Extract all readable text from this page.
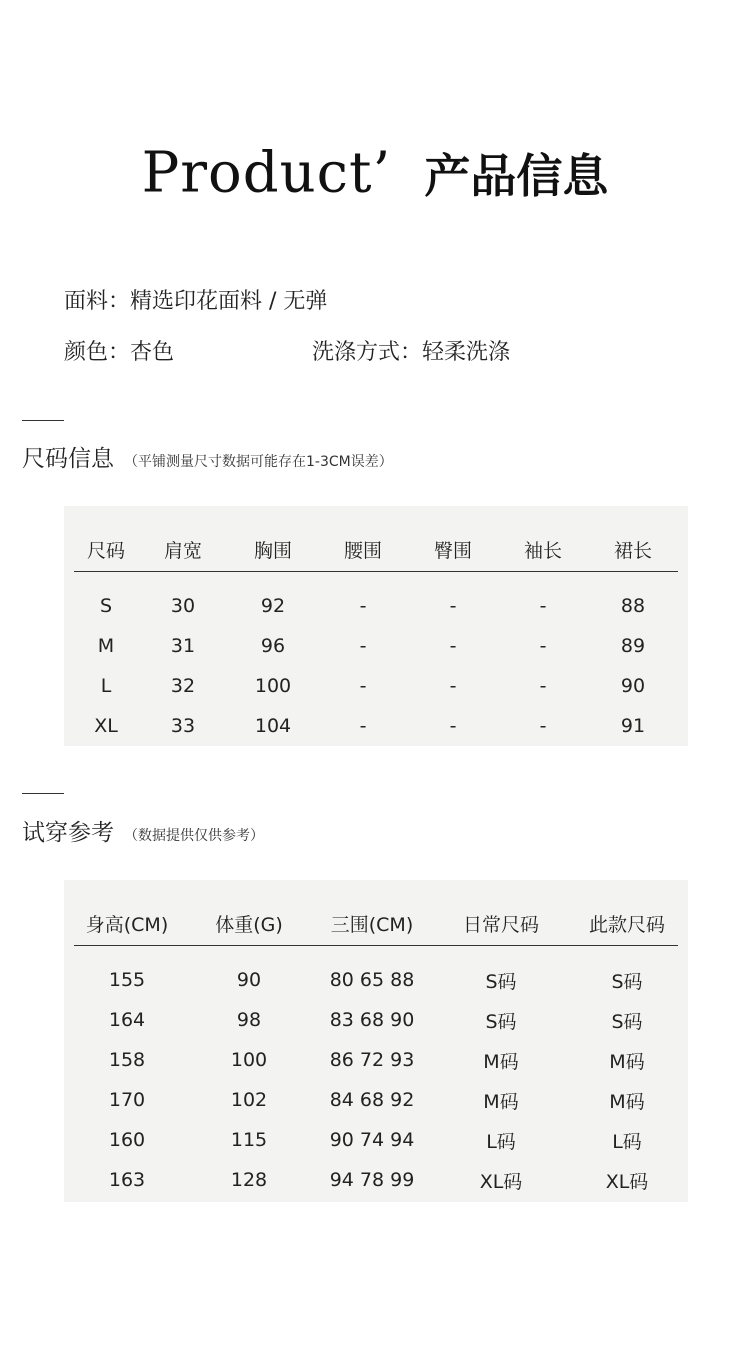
Product’ 产品信息
面料：精选印花面料 / 无弹
颜色：杏色	洗涤方式：轻柔洗涤
尺码信息 （平铺测量尺寸数据可能存在1-3CM误差）
尺码	肩宽	胸围	腰围	臀围	袖长	裙长
S	30	92	-	-	-	88
M	31	96	-	-	-	89
L	32	100	-	-	-	90
XL	33	104	-	-	-	91
试穿参考 （数据提供仅供参考）
身高(CM)	体重(G)	三围(CM)	日常尺码	此款尺码
155	90	80 65 88	S码	S码
164	98	83 68 90	S码	S码
158	100	86 72 93	M码	M码
170	102	84 68 92	M码	M码
160	115	90 74 94	L码	L码
163	128	94 78 99	XL码	XL码
